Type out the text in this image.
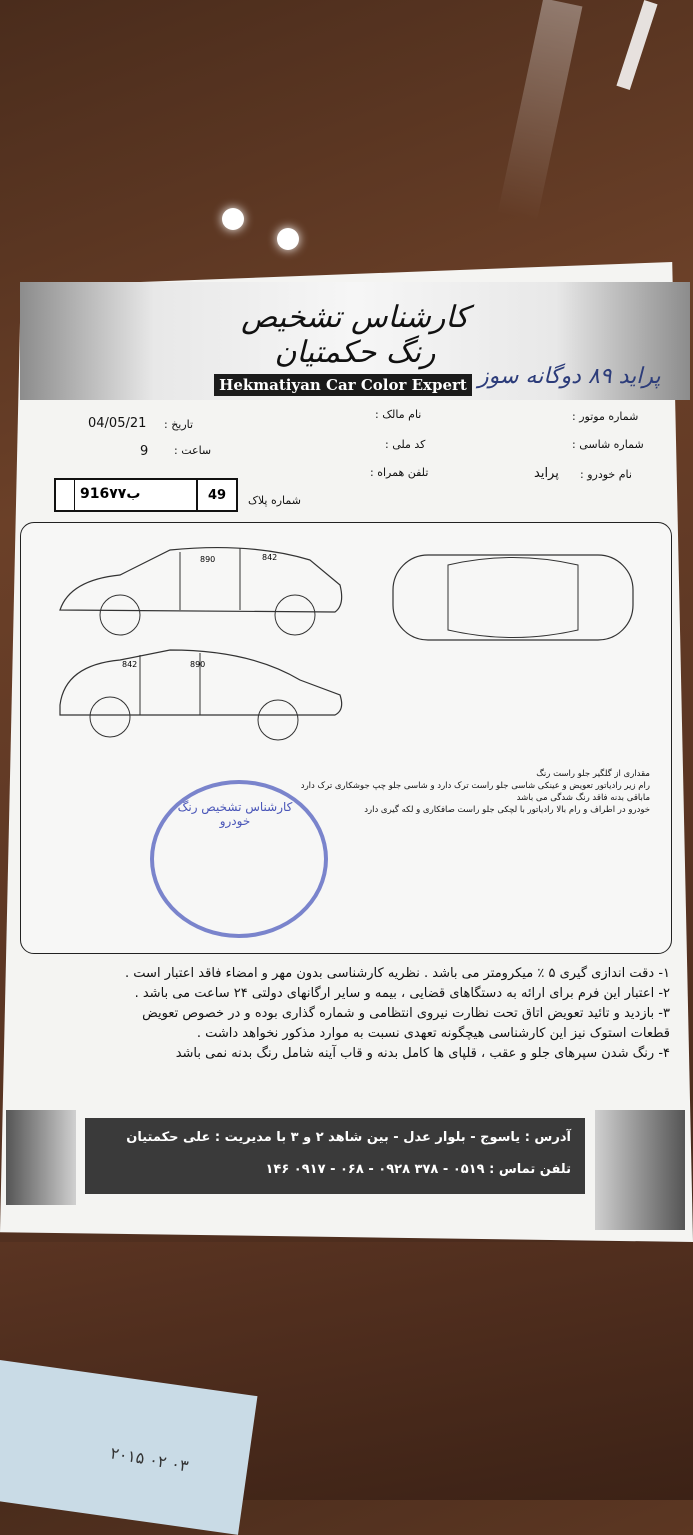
کارشناس تشخیص رنگ حکمتیان
Hekmatiyan Car Color Expert پراید ۸۹ دوگانه سوز
تاریخ :
04/05/21
ساعت :
9
نام مالک :
کد ملی :
تلفن همراه :
شماره موتور :
شماره شاسی :
نام خودرو :
پراید
شماره پلاک
916ب۷۷	49
890	842
842	890
مقداری از گلگیر جلو راست رنگ
رام زیر رادیاتور تعویض و عینکی شاسی جلو راست ترک دارد و شاسی جلو چپ جوشکاری ترک دارد
ماباقی بدنه فاقد رنگ شدگی می باشد
خودرو در اطراف و رام بالا رادیاتور با لچکی جلو راست صافکاری و لکه گیری دارد
کارشناس تشخیص رنگ خودرو
۱- دقت اندازی گیری ۵ ٪ میکرومتر می باشد . نظریه کارشناسی بدون مهر و امضاء فاقد اعتبار است .
۲- اعتبار این فرم برای ارائه به دستگاهای قضایی ، بیمه و سایر ارگانهای دولتی ۲۴ ساعت می باشد .
۳- بازدید و تائید تعویض اتاق تحت نظارت نیروی انتظامی و شماره گذاری بوده و در خصوص تعویض
قطعات استوک نیز این کارشناسی هیچگونه تعهدی نسبت به موارد مذکور نخواهد داشت .
۴- رنگ شدن سپرهای جلو و عقب ، قلپای ها کامل بدنه و قاب آینه شامل رنگ بدنه نمی باشد
آدرس : یاسوج - بلوار عدل - بین شاهد ۲ و ۳ با مدیریت : علی حکمتیان
تلفن تماس : ۰۵۱۹ - ۳۷۸ ۰۹۲۸ - ۰۶۸ - ۰۹۱۷ ۱۴۶
۲۰۱۵ ۰۲ ۰۳
